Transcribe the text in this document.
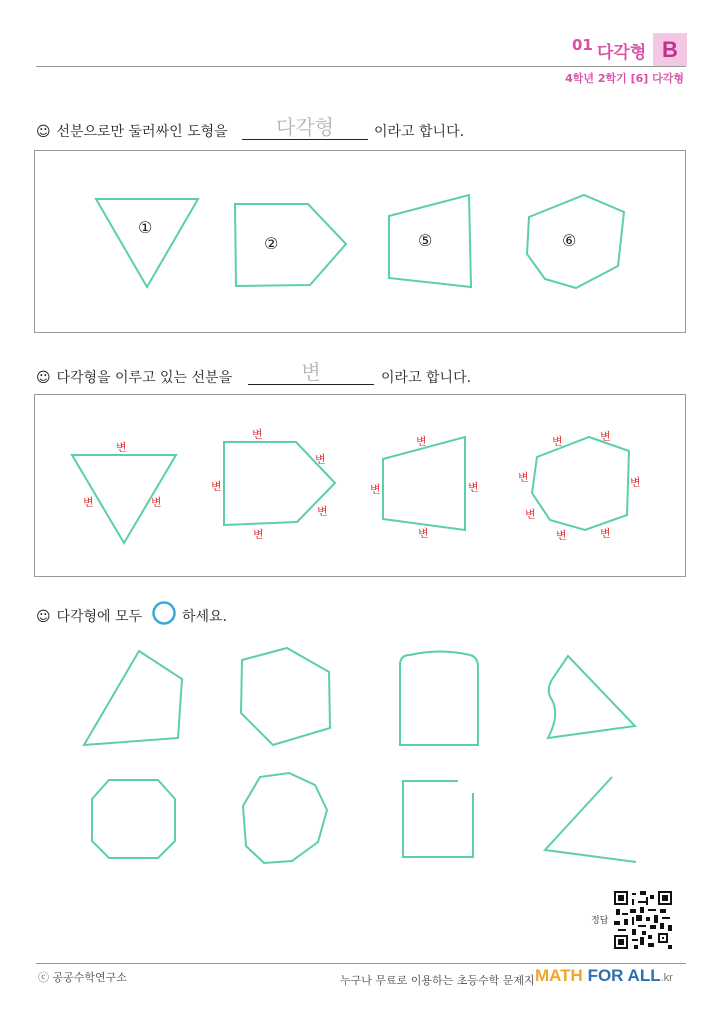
01 다각형 B
4학년 2학기 [6] 다각형
☺ 선분으로만 둘러싸인 도형을	다각형	이라고 합니다.
①
②	⑤	⑥
☺ 다각형을 이루고 있는 선분을	변	이라고 합니다.
변
변	변
변
변
변
변
변
변
변
변
변
변	변
변
변
변
변
변
☺ 다각형에 모두 ○ 하세요.
정답
ⓒ 공공수학연구소	누구나 무료로 이용하는 초등수학 문제지 MATH FOR ALL.kr
